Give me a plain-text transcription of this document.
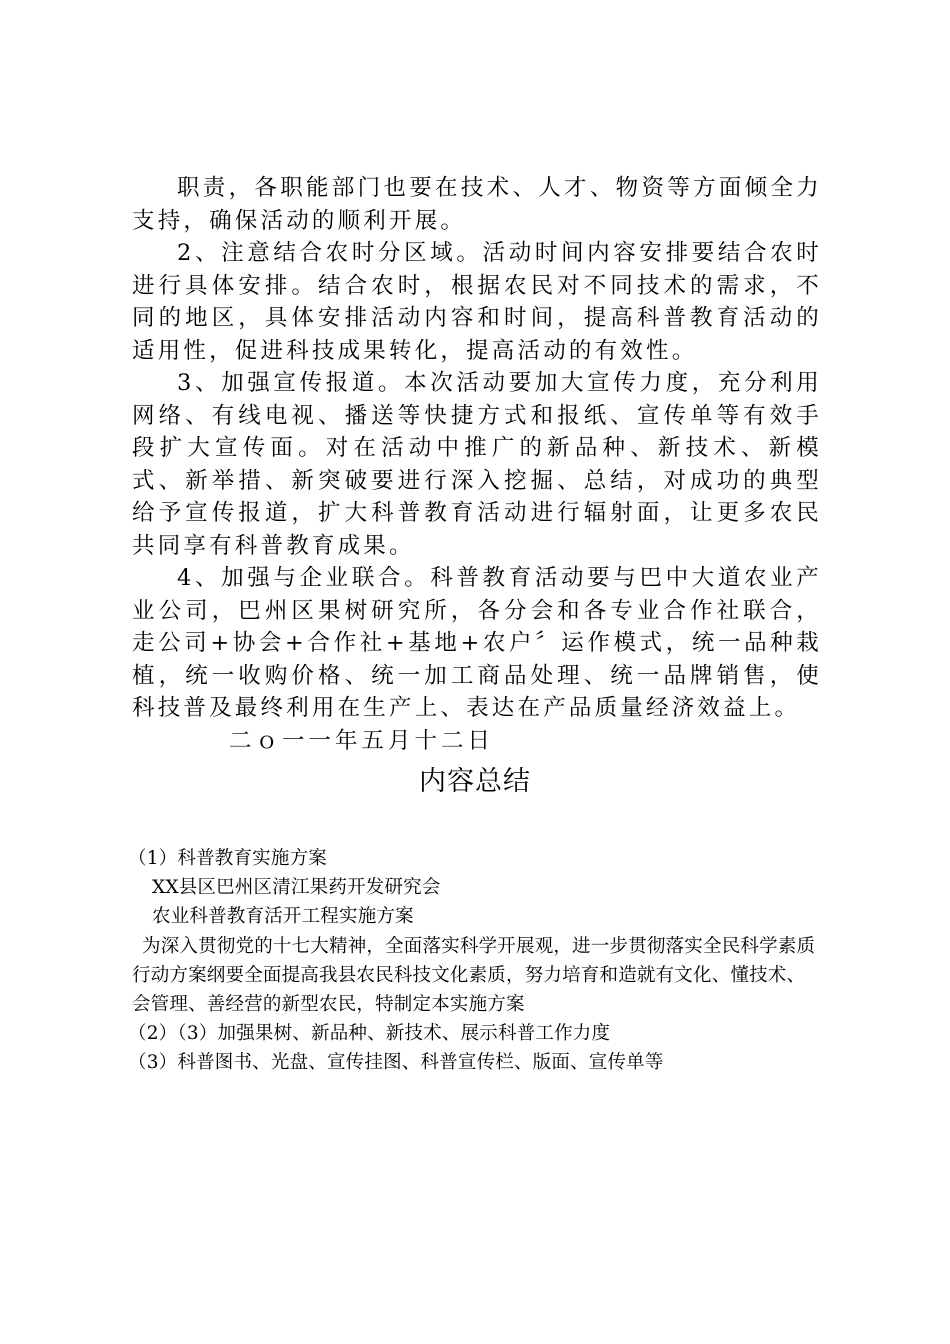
职责，各职能部门也要在技术、人才、物资等方面倾全力支持，确保活动的顺利开展。

2、注意结合农时分区域。活动时间内容安排要结合农时进行具体安排。结合农时，根据农民对不同技术的需求，不同的地区，具体安排活动内容和时间，提高科普教育活动的适用性，促进科技成果转化，提高活动的有效性。

3、加强宣传报道。本次活动要加大宣传力度，充分利用网络、有线电视、播送等快捷方式和报纸、宣传单等有效手段扩大宣传面。对在活动中推广的新品种、新技术、新模式、新举措、新突破要进行深入挖掘、总结，对成功的典型给予宣传报道，扩大科普教育活动进行辐射面，让更多农民共同享有科普教育成果。

4、加强与企业联合。科普教育活动要与巴中大道农业产业公司，巴州区果树研究所，各分会和各专业合作社联合，走公司+协会+合作社+基地+农户〞运作模式，统一品种栽植，统一收购价格、统一加工商品处理、统一品牌销售，使科技普及最终利用在生产上、表达在产品质量经济效益上。

二ｏ一一年五月十二日

内容总结

（1）科普教育实施方案

XX县区巴州区清江果药开发研究会

农业科普教育活开工程实施方案

为深入贯彻党的十七大精神，全面落实科学开展观，进一步贯彻落实全民科学素质行动方案纲要全面提高我县农民科技文化素质，努力培育和造就有文化、懂技术、会管理、善经营的新型农民，特制定本实施方案

（2）（3）加强果树、新品种、新技术、展示科普工作力度

（3）科普图书、光盘、宣传挂图、科普宣传栏、版面、宣传单等
